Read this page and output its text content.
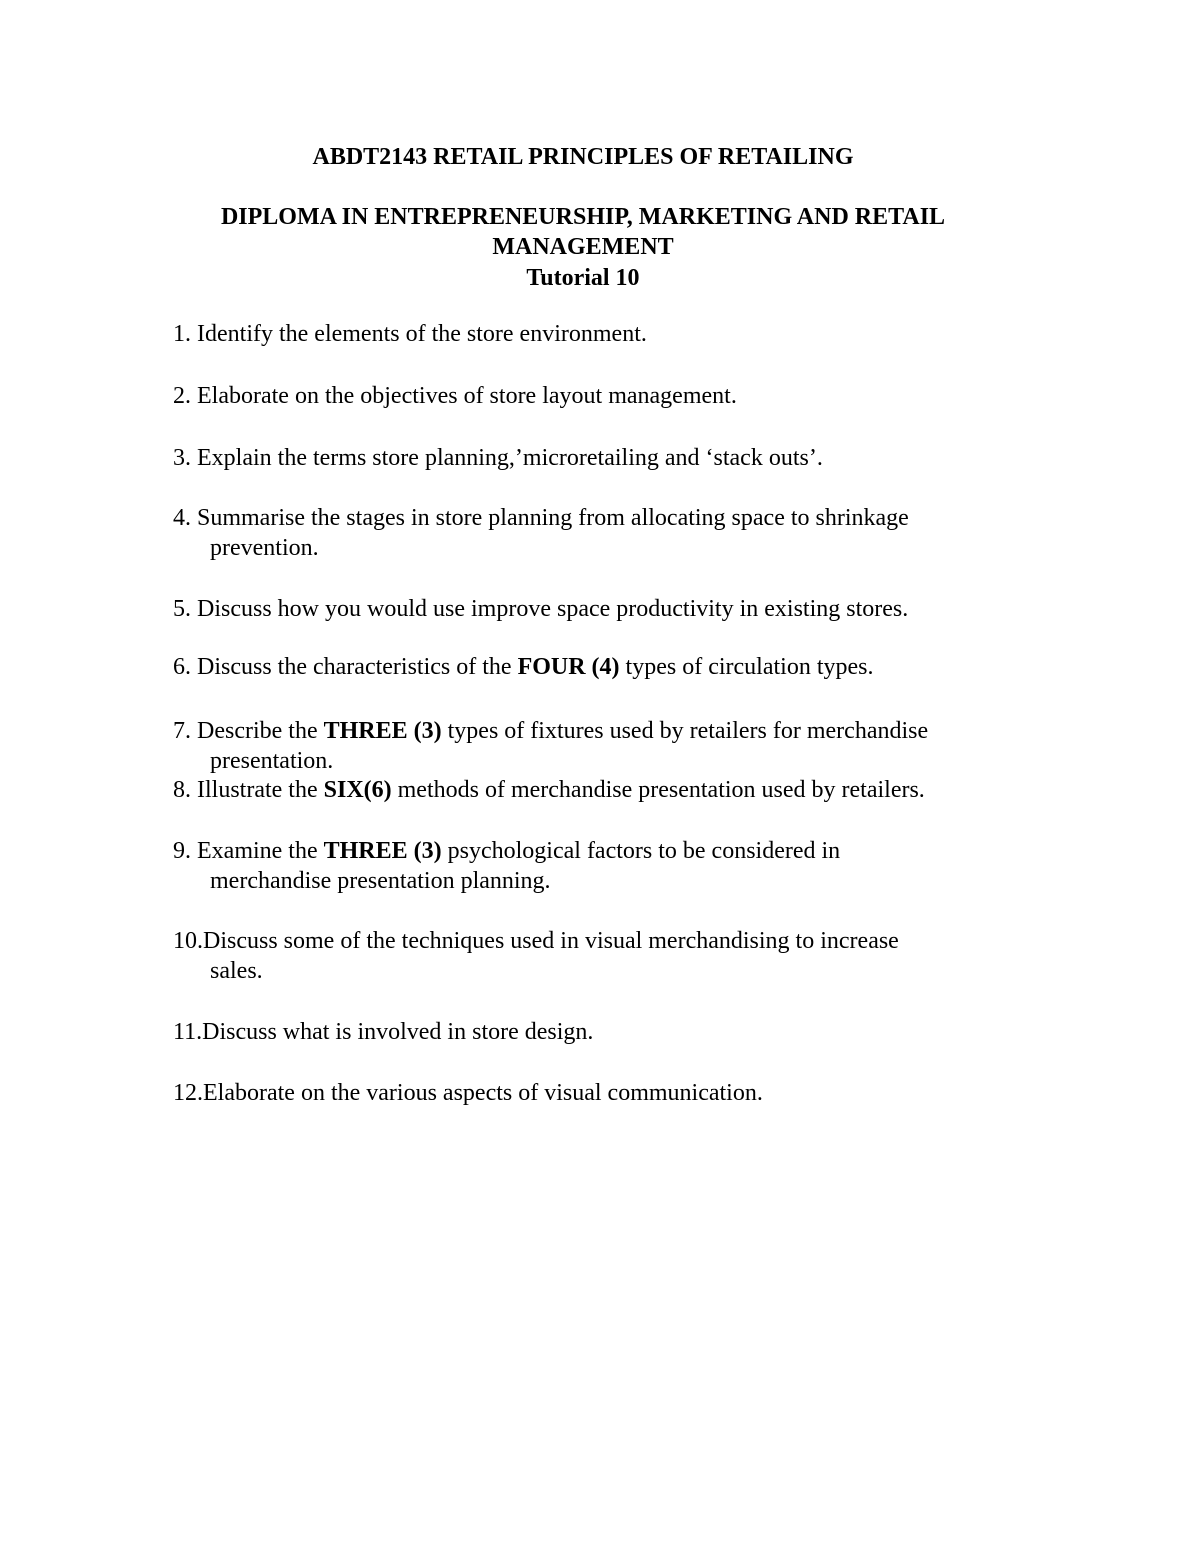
ABDT2143 RETAIL PRINCIPLES OF RETAILING
DIPLOMA IN ENTREPRENEURSHIP, MARKETING AND RETAIL
MANAGEMENT
Tutorial 10
1. Identify the elements of the store environment.
2. Elaborate on the objectives of store layout management.
3. Explain the terms store planning,’microretailing and ‘stack outs’.
4. Summarise the stages in store planning from allocating space to shrinkage
prevention.
5. Discuss how you would use improve space productivity in existing stores.
6. Discuss the characteristics of the FOUR (4) types of circulation types.
7. Describe the THREE (3) types of fixtures used by retailers for merchandise
presentation.
8. Illustrate the SIX(6) methods of merchandise presentation used by retailers.
9. Examine the THREE (3) psychological factors to be considered in
merchandise presentation planning.
10.Discuss some of the techniques used in visual merchandising to increase
sales.
11.Discuss what is involved in store design.
12.Elaborate on the various aspects of visual communication.
